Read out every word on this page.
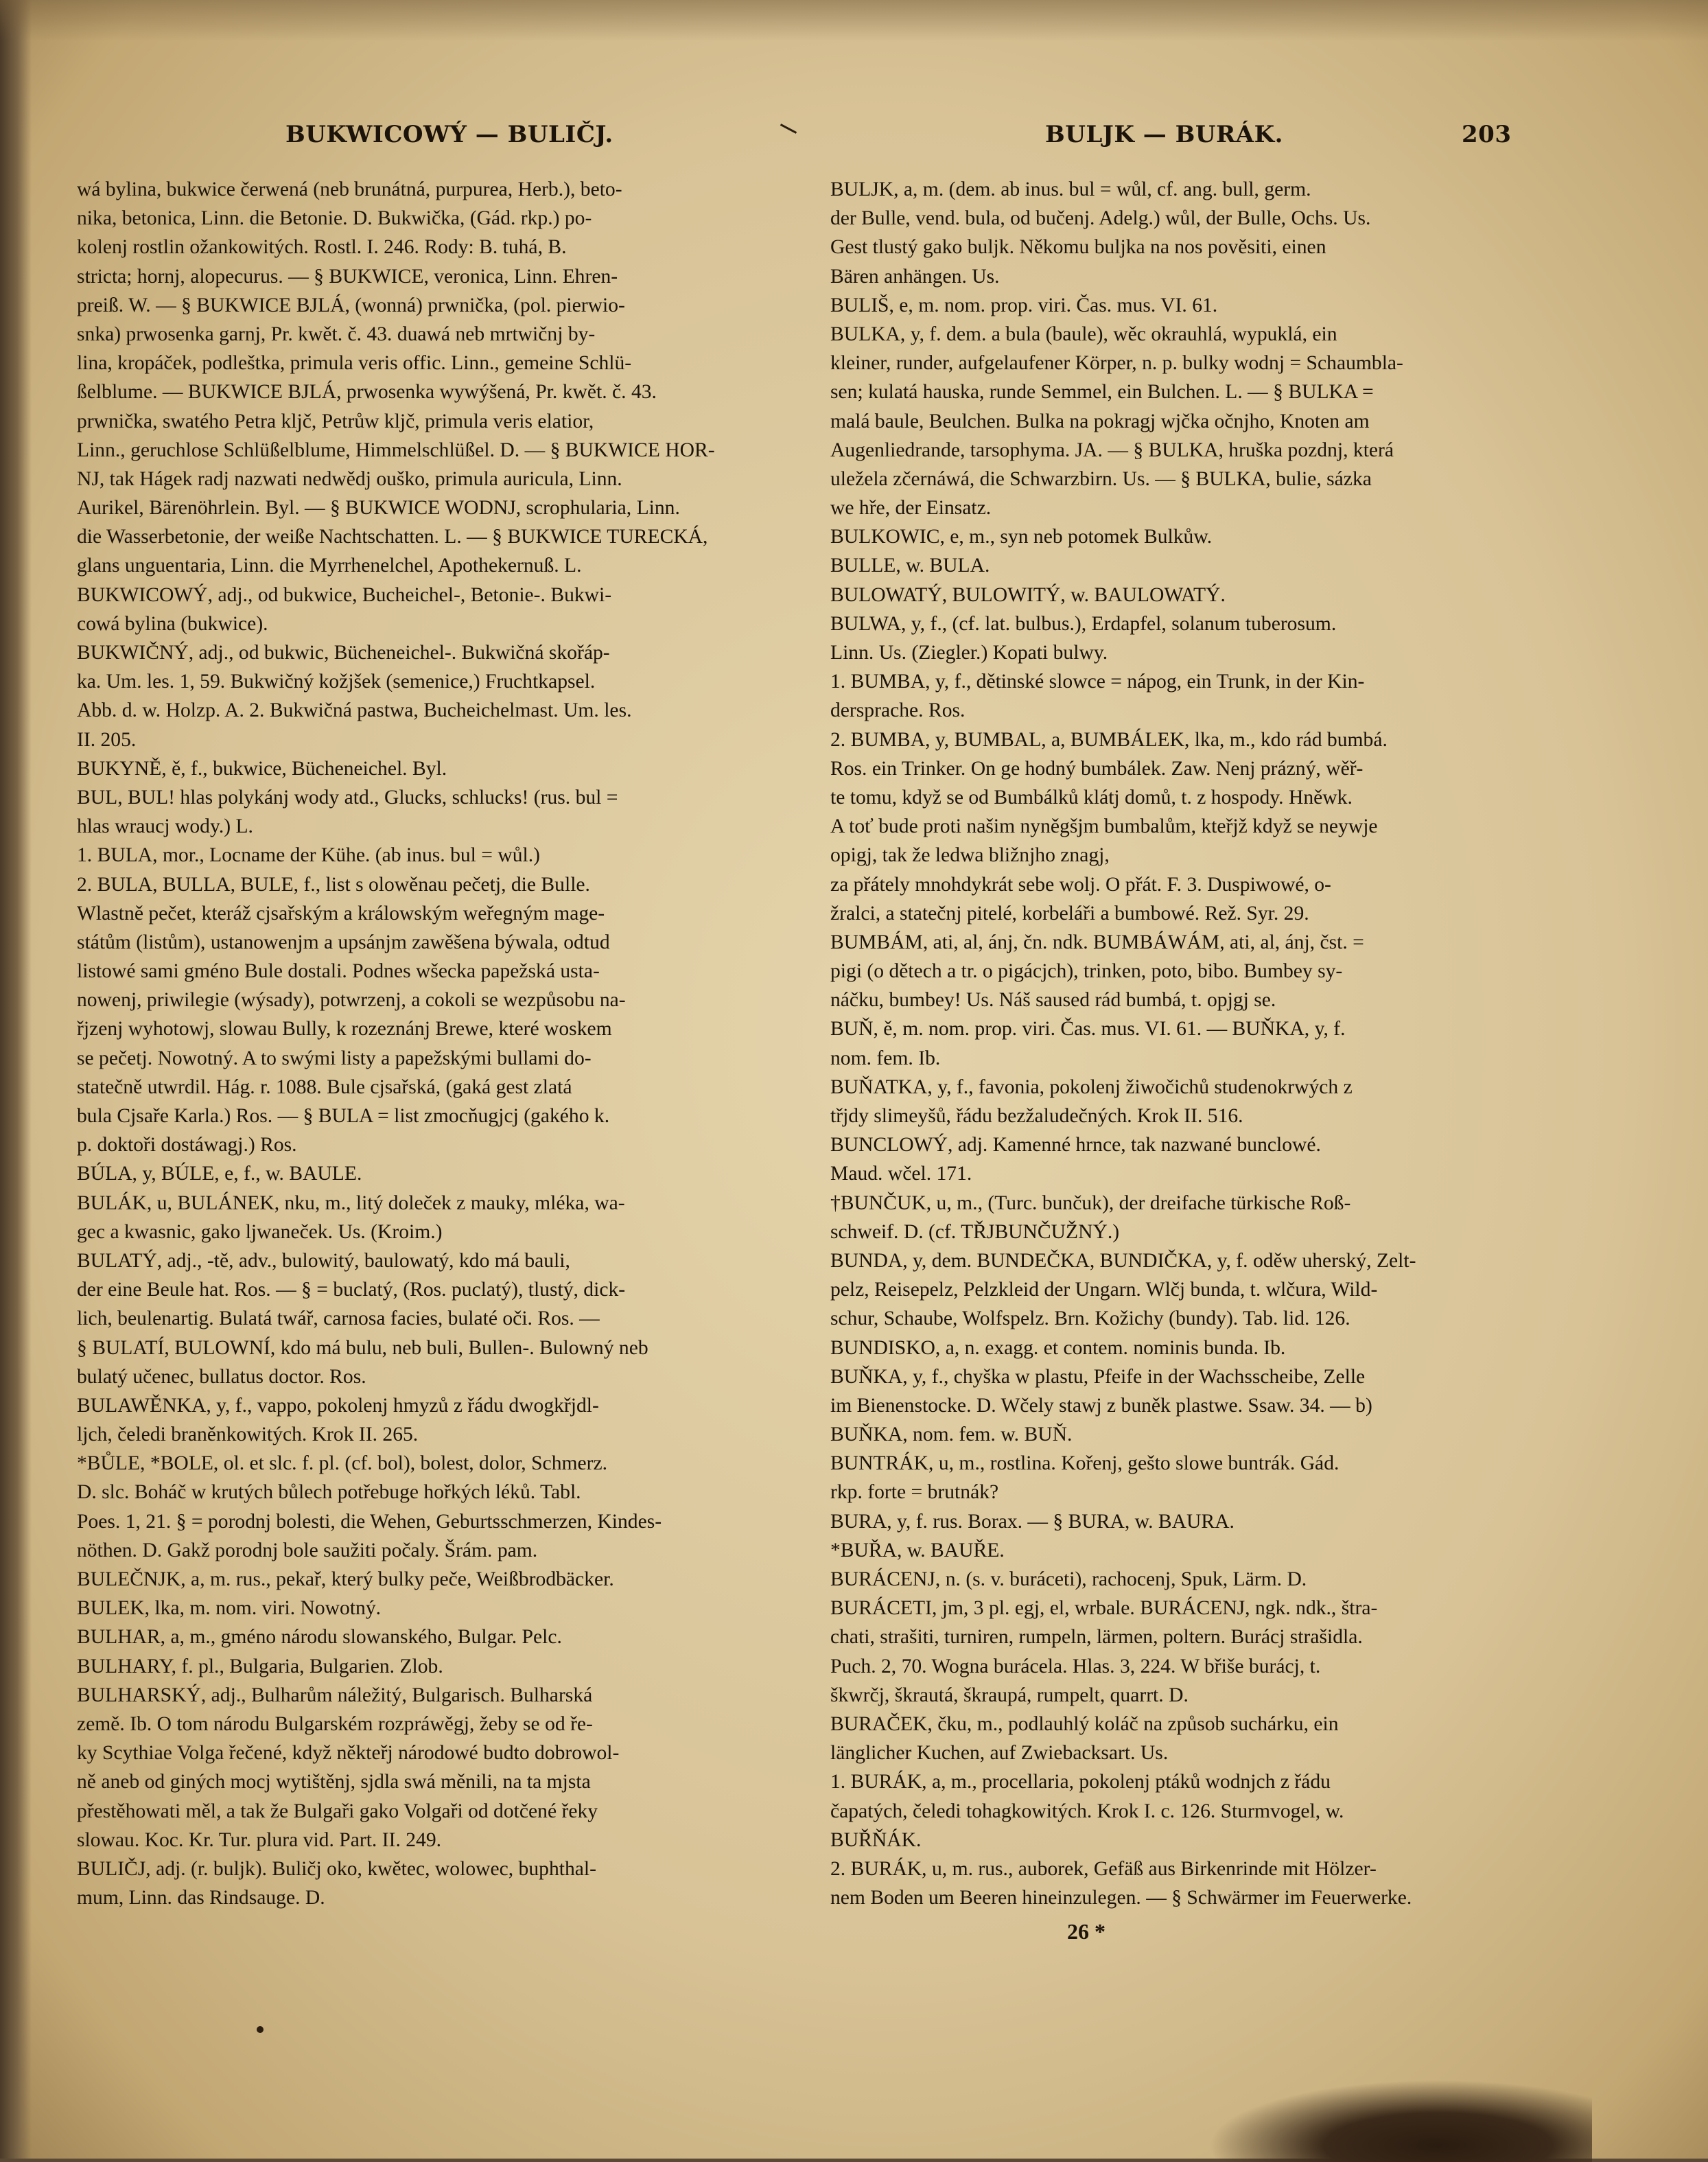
BUKWICOWÝ — BULIČJ.	BULJK — BURÁK.	203
wá bylina, bukwice čerwená (neb brunátná, purpurea, Herb.), beto-
nika, betonica, Linn. die Betonie. D. Bukwička, (Gád. rkp.) po-
kolenj rostlin ožankowitých. Rostl. I. 246. Rody: B. tuhá, B.
stricta; hornj, alopecurus. — § BUKWICE, veronica, Linn. Ehren-
preiß. W. — § BUKWICE BJLÁ, (wonná) prwnička, (pol. pierwio-
snka) prwosenka garnj, Pr. kwět. č. 43. duawá neb mrtwičnj by-
lina, kropáček, podleštka, primula veris offic. Linn., gemeine Schlü-
ßelblume. — BUKWICE BJLÁ, prwosenka wywýšená, Pr. kwět. č. 43.
prwnička, swatého Petra kljč, Petrůw kljč, primula veris elatior,
Linn., geruchlose Schlüßelblume, Himmelschlüßel. D. — § BUKWICE HOR-
NJ, tak Hágek radj nazwati nedwědj ouško, primula auricula, Linn.
Aurikel, Bärenöhrlein. Byl. — § BUKWICE WODNJ, scrophularia, Linn.
die Wasserbetonie, der weiße Nachtschatten. L. — § BUKWICE TURECKÁ,
glans unguentaria, Linn. die Myrrhenelchel, Apothekernuß. L.
BUKWICOWÝ, adj., od bukwice, Bucheichel-, Betonie-. Bukwi-
cowá bylina (bukwice).
BUKWIČNÝ, adj., od bukwic, Bücheneichel-. Bukwičná skořáp-
ka. Um. les. 1, 59. Bukwičný kožjšek (semenice,) Fruchtkapsel.
Abb. d. w. Holzp. A. 2. Bukwičná pastwa, Bucheichelmast. Um. les.
II. 205.
BUKYNĚ, ě, f., bukwice, Bücheneichel. Byl.
BUL, BUL! hlas polykánj wody atd., Glucks, schlucks! (rus. bul =
hlas wraucj wody.) L.
1. BULA, mor., Locname der Kühe. (ab inus. bul = wůl.)
2. BULA, BULLA, BULE, f., list s olowěnau pečetj, die Bulle.
Wlastně pečet, kteráž cjsařským a králowským weřegným mage-
státům (listům), ustanowenjm a upsánjm zawěšena býwala, odtud
listowé sami gméno Bule dostali. Podnes wšecka papežská usta-
nowenj, priwilegie (wýsady), potwrzenj, a cokoli se wezpůsobu na-
řjzenj wyhotowj, slowau Bully, k rozeznánj Brewe, které woskem
se pečetj. Nowotný. A to swými listy a papežskými bullami do-
statečně utwrdil. Hág. r. 1088. Bule cjsařská, (gaká gest zlatá
bula Cjsaře Karla.) Ros. — § BULA = list zmocňugjcj (gakého k.
p. doktoři dostáwagj.) Ros.
BÚLA, y, BÚLE, e, f., w. BAULE.
BULÁK, u, BULÁNEK, nku, m., litý doleček z mauky, mléka, wa-
gec a kwasnic, gako ljwaneček. Us. (Kroim.)
BULATÝ, adj., -tě, adv., bulowitý, baulowatý, kdo má bauli,
der eine Beule hat. Ros. — § = buclatý, (Ros. puclatý), tlustý, dick-
lich, beulenartig. Bulatá twář, carnosa facies, bulaté oči. Ros. —
§ BULATÍ, BULOWNÍ, kdo má bulu, neb buli, Bullen-. Bulowný neb
bulatý učenec, bullatus doctor. Ros.
BULAWĚNKA, y, f., vappo, pokolenj hmyzů z řádu dwogkřjdl-
ljch, čeledi braněnkowitých. Krok II. 265.
*BŮLE, *BOLE, ol. et slc. f. pl. (cf. bol), bolest, dolor, Schmerz.
D. slc. Boháč w krutých bůlech potřebuge hořkých léků. Tabl.
Poes. 1, 21. § = porodnj bolesti, die Wehen, Geburtsschmerzen, Kindes-
nöthen. D. Gakž porodnj bole saužiti počaly. Šrám. pam.
BULEČNJK, a, m. rus., pekař, který bulky peče, Weißbrodbäcker.
BULEK, lka, m. nom. viri. Nowotný.
BULHAR, a, m., gméno národu slowanského, Bulgar. Pelc.
BULHARY, f. pl., Bulgaria, Bulgarien. Zlob.
BULHARSKÝ, adj., Bulharům náležitý, Bulgarisch. Bulharská
země. Ib. O tom národu Bulgarském rozpráwěgj, žeby se od ře-
ky Scythiae Volga řečené, když někteřj národowé budto dobrowol-
ně aneb od giných mocj wytištěnj, sjdla swá měnili, na ta mjsta
přestěhowati měl, a tak že Bulgaři gako Volgaři od dotčené řeky
slowau. Koc. Kr. Tur. plura vid. Part. II. 249.
BULIČJ, adj. (r. buljk). Buličj oko, kwětec, wolowec, buphthal-
mum, Linn. das Rindsauge. D.
BULJK, a, m. (dem. ab inus. bul = wůl, cf. ang. bull, germ.
der Bulle, vend. bula, od bučenj. Adelg.) wůl, der Bulle, Ochs. Us.
Gest tlustý gako buljk. Někomu buljka na nos pověsiti, einen
Bären anhängen. Us.
BULIŠ, e, m. nom. prop. viri. Čas. mus. VI. 61.
BULKA, y, f. dem. a bula (baule), wěc okrauhlá, wypuklá, ein
kleiner, runder, aufgelaufener Körper, n. p. bulky wodnj = Schaumbla-
sen; kulatá hauska, runde Semmel, ein Bulchen. L. — § BULKA =
malá baule, Beulchen. Bulka na pokragj wjčka očnjho, Knoten am
Augenliedrande, tarsophyma. JA. — § BULKA, hruška pozdnj, která
uležela zčernáwá, die Schwarzbirn. Us. — § BULKA, bulie, sázka
we hře, der Einsatz.
BULKOWIC, e, m., syn neb potomek Bulkůw.
BULLE, w. BULA.
BULOWATÝ, BULOWITÝ, w. BAULOWATÝ.
BULWA, y, f., (cf. lat. bulbus.), Erdapfel, solanum tuberosum.
Linn. Us. (Ziegler.) Kopati bulwy.
1. BUMBA, y, f., dětinské slowce = nápog, ein Trunk, in der Kin-
dersprache. Ros.
2. BUMBA, y, BUMBAL, a, BUMBÁLEK, lka, m., kdo rád bumbá.
Ros. ein Trinker. On ge hodný bumbálek. Zaw. Nenj prázný, wěř-
te tomu, když se od Bumbálků klátj domů, t. z hospody. Hněwk.
A toť bude proti našim nyněgšjm bumbalům, kteřjž když se neywje
opigj, tak že ledwa bližnjho znagj,
za přátely mnohdykrát sebe wolj. O přát. F. 3. Duspiwowé, o-
žralci, a statečnj pitelé, korbeláři a bumbowé. Rež. Syr. 29.
BUMBÁM, ati, al, ánj, čn. ndk. BUMBÁWÁM, ati, al, ánj, čst. =
pigi (o dětech a tr. o pigácjch), trinken, poto, bibo. Bumbey sy-
náčku, bumbey! Us. Náš saused rád bumbá, t. opjgj se.
BUŇ, ě, m. nom. prop. viri. Čas. mus. VI. 61. — BUŇKA, y, f.
nom. fem. Ib.
BUŇATKA, y, f., favonia, pokolenj žiwočichů studenokrwých z
třjdy slimeyšů, řádu bezžaludečných. Krok II. 516.
BUNCLOWÝ, adj. Kamenné hrnce, tak nazwané bunclowé.
Maud. wčel. 171.
†BUNČUK, u, m., (Turc. bunčuk), der dreifache türkische Roß-
schweif. D. (cf. TŘJBUNČUŽNÝ.)
BUNDA, y, dem. BUNDEČKA, BUNDIČKA, y, f. oděw uherský, Zelt-
pelz, Reisepelz, Pelzkleid der Ungarn. Wlčj bunda, t. wlčura, Wild-
schur, Schaube, Wolfspelz. Brn. Kožichy (bundy). Tab. lid. 126.
BUNDISKO, a, n. exagg. et contem. nominis bunda. Ib.
BUŇKA, y, f., chyška w plastu, Pfeife in der Wachsscheibe, Zelle
im Bienenstocke. D. Wčely stawj z buněk plastwe. Ssaw. 34. — b)
BUŇKA, nom. fem. w. BUŇ.
BUNTRÁK, u, m., rostlina. Kořenj, gešto slowe buntrák. Gád.
rkp. forte = brutnák?
BURA, y, f. rus. Borax. — § BURA, w. BAURA.
*BUŘA, w. BAUŘE.
BURÁCENJ, n. (s. v. buráceti), rachocenj, Spuk, Lärm. D.
BURÁCETI, jm, 3 pl. egj, el, wrbale. BURÁCENJ, ngk. ndk., štra-
chati, strašiti, turniren, rumpeln, lärmen, poltern. Burácj strašidla.
Puch. 2, 70. Wogna burácela. Hlas. 3, 224. W břiše burácj, t.
škwrčj, škrautá, škraupá, rumpelt, quarrt. D.
BURAČEK, čku, m., podlauhlý koláč na způsob suchárku, ein
länglicher Kuchen, auf Zwiebacksart. Us.
1. BURÁK, a, m., procellaria, pokolenj ptáků wodnjch z řádu
čapatých, čeledi tohagkowitých. Krok I. c. 126. Sturmvogel, w.
BUŘŇÁK.
2. BURÁK, u, m. rus., auborek, Gefäß aus Birkenrinde mit Hölzer-
nem Boden um Beeren hineinzulegen. — § Schwärmer im Feuerwerke.
26 *
